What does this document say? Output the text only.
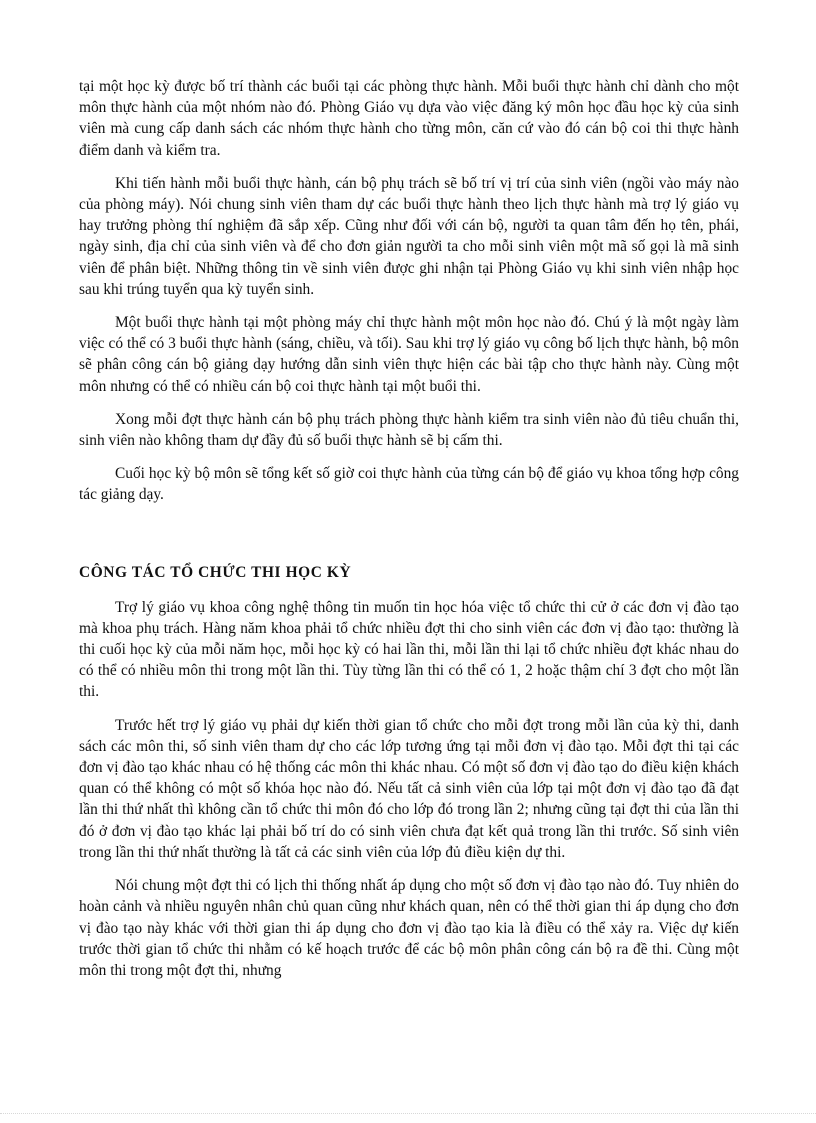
tại một học kỳ được bố trí thành các buổi tại các phòng thực hành. Mỗi buổi thực hành chỉ dành cho một môn thực hành của một nhóm nào đó. Phòng Giáo vụ dựa vào việc đăng ký môn học đầu học kỳ của sinh viên mà cung cấp danh sách các nhóm thực hành cho từng môn, căn cứ vào đó cán bộ coi thi thực hành điểm danh và kiểm tra.

Khi tiến hành mỗi buổi thực hành, cán bộ phụ trách sẽ bố trí vị trí của sinh viên (ngồi vào máy nào của phòng máy). Nói chung sinh viên tham dự các buổi thực hành theo lịch thực hành mà trợ lý giáo vụ hay trưởng phòng thí nghiệm đã sắp xếp. Cũng như đối với cán bộ, người ta quan tâm đến họ tên, phái, ngày sinh, địa chỉ của sinh viên và để cho đơn giản người ta cho mỗi sinh viên một mã số gọi là mã sinh viên để phân biệt. Những thông tin về sinh viên được ghi nhận tại Phòng Giáo vụ khi sinh viên nhập học sau khi trúng tuyển qua kỳ tuyển sinh.

Một buổi thực hành tại một phòng máy chỉ thực hành một môn học nào đó. Chú ý là một ngày làm việc có thể có 3 buổi thực hành (sáng, chiều, và tối). Sau khi trợ lý giáo vụ công bố lịch thực hành, bộ môn sẽ phân công cán bộ giảng dạy hướng dẫn sinh viên thực hiện các bài tập cho thực hành này. Cùng một môn nhưng có thể có nhiều cán bộ coi thực hành tại một buổi thi.

Xong mỗi đợt thực hành cán bộ phụ trách phòng thực hành kiểm tra sinh viên nào đủ tiêu chuẩn thi, sinh viên nào không tham dự đầy đủ số buổi thực hành sẽ bị cấm thi.

Cuối học kỳ bộ môn sẽ tổng kết số giờ coi thực hành của từng cán bộ để giáo vụ khoa tổng hợp công tác giảng dạy.

CÔNG TÁC TỔ CHỨC THI HỌC KỲ

Trợ lý giáo vụ khoa công nghệ thông tin muốn tin học hóa việc tổ chức thi cử ở các đơn vị đào tạo mà khoa phụ trách. Hàng năm khoa phải tổ chức nhiều đợt thi cho sinh viên các đơn vị đào tạo: thường là thi cuối học kỳ của mỗi năm học, mỗi học kỳ có hai lần thi, mỗi lần thi lại tổ chức nhiều đợt khác nhau do có thể có nhiều môn thi trong một lần thi. Tùy từng lần thi có thể có 1, 2 hoặc thậm chí 3 đợt cho một lần thi.

Trước hết trợ lý giáo vụ phải dự kiến thời gian tổ chức cho mỗi đợt trong mỗi lần của kỳ thi, danh sách các môn thi, số sinh viên tham dự cho các lớp tương ứng tại mỗi đơn vị đào tạo. Mỗi đợt thi tại các đơn vị đào tạo khác nhau có hệ thống các môn thi khác nhau. Có một số đơn vị đào tạo do điều kiện khách quan có thể không có một số khóa học nào đó. Nếu tất cả sinh viên của lớp tại một đơn vị đào tạo đã đạt lần thi thứ nhất thì không cần tổ chức thi môn đó cho lớp đó trong lần 2; nhưng cũng tại đợt thi của lần thi đó ở đơn vị đào tạo khác lại phải bố trí do có sinh viên chưa đạt kết quả trong lần thi trước. Số sinh viên trong lần thi thứ nhất thường là tất cả các sinh viên của lớp đủ điều kiện dự thi.

Nói chung một đợt thi có lịch thi thống nhất áp dụng cho một số đơn vị đào tạo nào đó. Tuy nhiên do hoàn cảnh và nhiều nguyên nhân chủ quan cũng như khách quan, nên có thể thời gian thi áp dụng cho đơn vị đào tạo này khác với thời gian thi áp dụng cho đơn vị đào tạo kia là điều có thể xảy ra. Việc dự kiến trước thời gian tổ chức thi nhằm có kế hoạch trước để các bộ môn phân công cán bộ ra đề thi. Cùng một môn thi trong một đợt thi, nhưng
